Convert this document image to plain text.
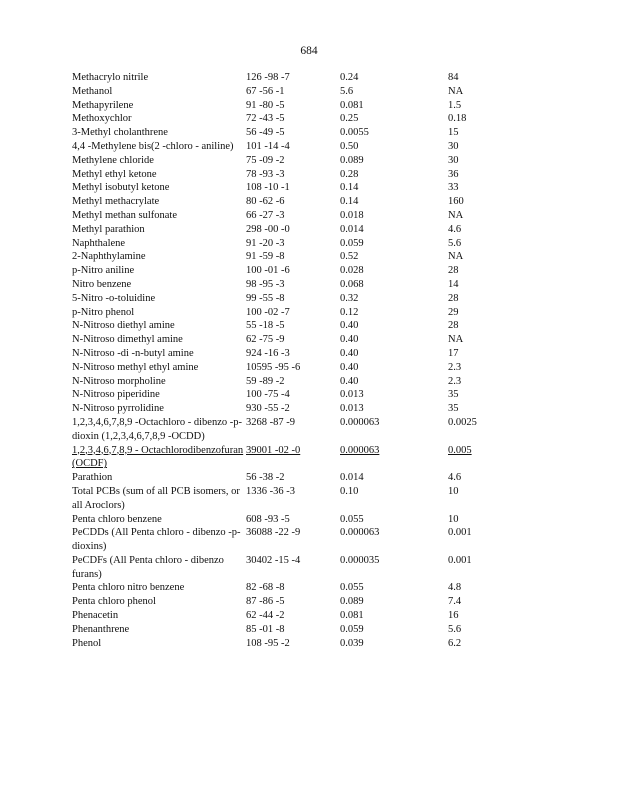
684
Methacrylo nitrile	126 -98 -7	0.24	84
Methanol	67 -56 -1	5.6	NA
Methapyrilene	91 -80 -5	0.081	1.5
Methoxychlor	72 -43 -5	0.25	0.18
3-Methyl cholanthrene	56 -49 -5	0.0055	15
4,4 -Methylene bis(2 -chloro - aniline)	101 -14 -4	0.50	30
Methylene chloride	75 -09 -2	0.089	30
Methyl ethyl ketone	78 -93 -3	0.28	36
Methyl isobutyl ketone	108 -10 -1	0.14	33
Methyl methacrylate	80 -62 -6	0.14	160
Methyl methan sulfonate	66 -27 -3	0.018	NA
Methyl parathion	298 -00 -0	0.014	4.6
Naphthalene	91 -20 -3	0.059	5.6
2-Naphthylamine	91 -59 -8	0.52	NA
p-Nitro aniline	100 -01 -6	0.028	28
Nitro benzene	98 -95 -3	0.068	14
5-Nitro -o-toluidine	99 -55 -8	0.32	28
p-Nitro phenol	100 -02 -7	0.12	29
N-Nitroso diethyl amine	55 -18 -5	0.40	28
N-Nitroso dimethyl amine	62 -75 -9	0.40	NA
N-Nitroso -di -n-butyl amine	924 -16 -3	0.40	17
N-Nitroso methyl ethyl amine	10595 -95 -6	0.40	2.3
N-Nitroso morpholine	59 -89 -2	0.40	2.3
N-Nitroso piperidine	100 -75 -4	0.013	35
N-Nitroso pyrrolidine	930 -55 -2	0.013	35
1,2,3,4,6,7,8,9 -Octachloro - dibenzo -p-dioxin (1,2,3,4,6,7,8,9 -OCDD)	3268 -87 -9	0.000063	0.0025
1,2,3,4,6,7,8,9 - Octachlorodibenzofuran (OCDF)	39001 -02 -0	0.000063	0.005
Parathion	56 -38 -2	0.014	4.6
Total PCBs (sum of all PCB isomers, or all Aroclors)	1336 -36 -3	0.10	10
Penta chloro benzene	608 -93 -5	0.055	10
PeCDDs (All Penta chloro - dibenzo -p-dioxins)	36088 -22 -9	0.000063	0.001
PeCDFs (All Penta chloro - dibenzo furans)	30402 -15 -4	0.000035	0.001
Penta chloro nitro benzene	82 -68 -8	0.055	4.8
Penta chloro phenol	87 -86 -5	0.089	7.4
Phenacetin	62 -44 -2	0.081	16
Phenanthrene	85 -01 -8	0.059	5.6
Phenol	108 -95 -2	0.039	6.2
